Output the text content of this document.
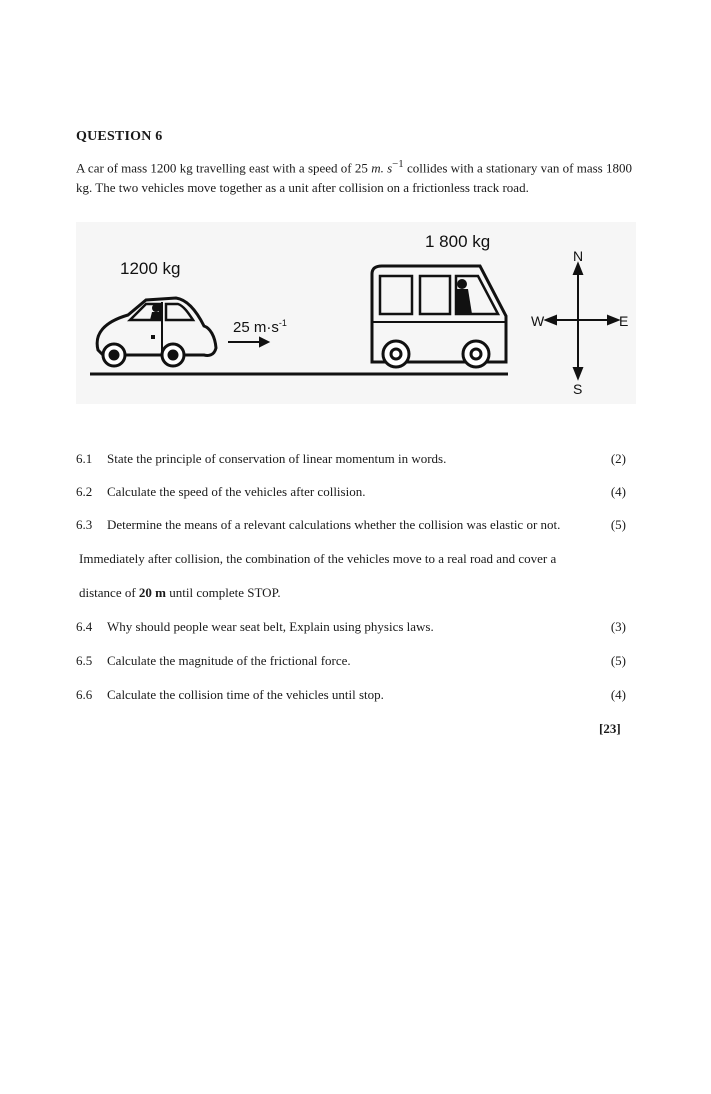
QUESTION 6
A car of mass 1200 kg travelling east with a speed of 25 m. $s^{-1}$ collides with a stationary van of mass 1800 kg. The two vehicles move together as a unit after collision on a frictionless track road.
1200 kg
1 800 kg
25 $m\cdot s^{-1}$
N
S
E
W
6.1 State the principle of conservation of linear momentum in words.	(2)
6.2 Calculate the speed of the vehicles after collision.	(4)
6.3 Determine the means of a relevant calculations whether the collision was elastic or not.	(5)
Immediately after collision, the combination of the vehicles move to a real road and cover a
distance of 20 m until complete STOP.
6.4 Why should people wear seat belt, Explain using physics laws.	(3)
6.5 Calculate the magnitude of the frictional force.	(5)
6.6 Calculate the collision time of the vehicles until stop.	(4)
[23]
